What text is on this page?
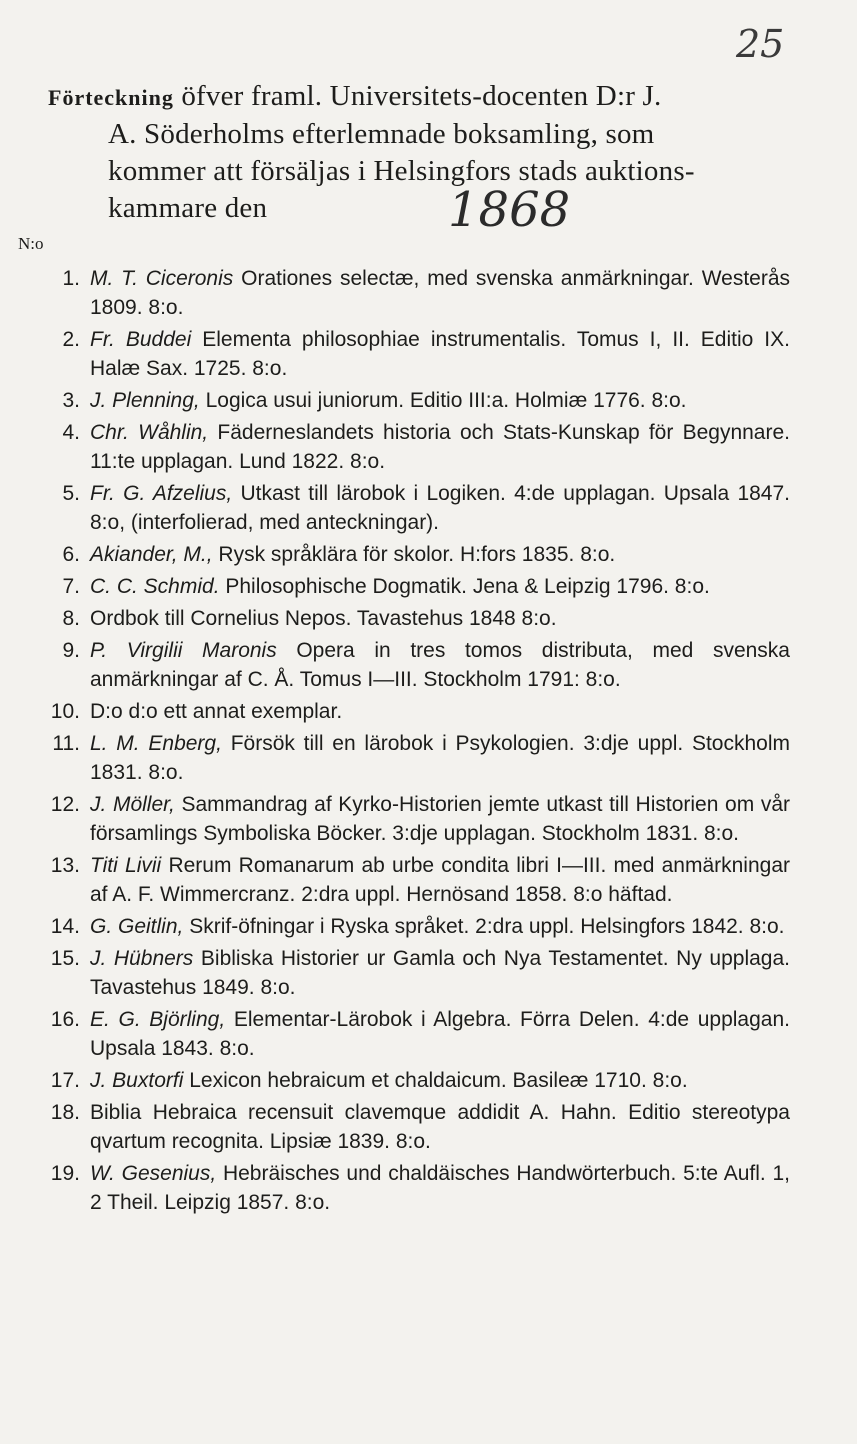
25
Förteckning öfver framl. Universitets-docenten D:r J.
A. Söderholms efterlemnade boksamling, som
kommer att försäljas i Helsingfors stads auktions-
kammare den	1868
N:o
1. M. T. Ciceronis Orationes selectæ, med svenska anmärkningar. Westerås 1809. 8:o.
2. Fr. Buddei Elementa philosophiae instrumentalis. Tomus I, II. Editio IX. Halæ Sax. 1725. 8:o.
3. J. Plenning, Logica usui juniorum. Editio III:a. Holmiæ 1776. 8:o.
4. Chr. Wåhlin, Fäderneslandets historia och Stats-Kunskap för Begynnare. 11:te upplagan. Lund 1822. 8:o.
5. Fr. G. Afzelius, Utkast till lärobok i Logiken. 4:de upplagan. Upsala 1847. 8:o, (interfolierad, med anteckningar).
6. Akiander, M., Rysk språklära för skolor. H:fors 1835. 8:o.
7. C. C. Schmid. Philosophische Dogmatik. Jena & Leipzig 1796. 8:o.
8. Ordbok till Cornelius Nepos. Tavastehus 1848 8:o.
9. P. Virgilii Maronis Opera in tres tomos distributa, med svenska anmärkningar af C. Å. Tomus I—III. Stockholm 1791: 8:o.
10. D:o d:o ett annat exemplar.
11. L. M. Enberg, Försök till en lärobok i Psykologien. 3:dje uppl. Stockholm 1831. 8:o.
12. J. Möller, Sammandrag af Kyrko-Historien jemte utkast till Historien om vår församlings Symboliska Böcker. 3:dje upplagan. Stockholm 1831. 8:o.
13. Titi Livii Rerum Romanarum ab urbe condita libri I—III. med anmärkningar af A. F. Wimmercranz. 2:dra uppl. Hernösand 1858. 8:o häftad.
14. G. Geitlin, Skrif-öfningar i Ryska språket. 2:dra uppl. Helsingfors 1842. 8:o.
15. J. Hübners Bibliska Historier ur Gamla och Nya Testamentet. Ny upplaga. Tavastehus 1849. 8:o.
16. E. G. Björling, Elementar-Lärobok i Algebra. Förra Delen. 4:de upplagan. Upsala 1843. 8:o.
17. J. Buxtorfi Lexicon hebraicum et chaldaicum. Basileæ 1710. 8:o.
18. Biblia Hebraica recensuit clavemque addidit A. Hahn. Editio stereotypa qvartum recognita. Lipsiæ 1839. 8:o.
19. W. Gesenius, Hebräisches und chaldäisches Handwörterbuch. 5:te Aufl. 1, 2 Theil. Leipzig 1857. 8:o.
